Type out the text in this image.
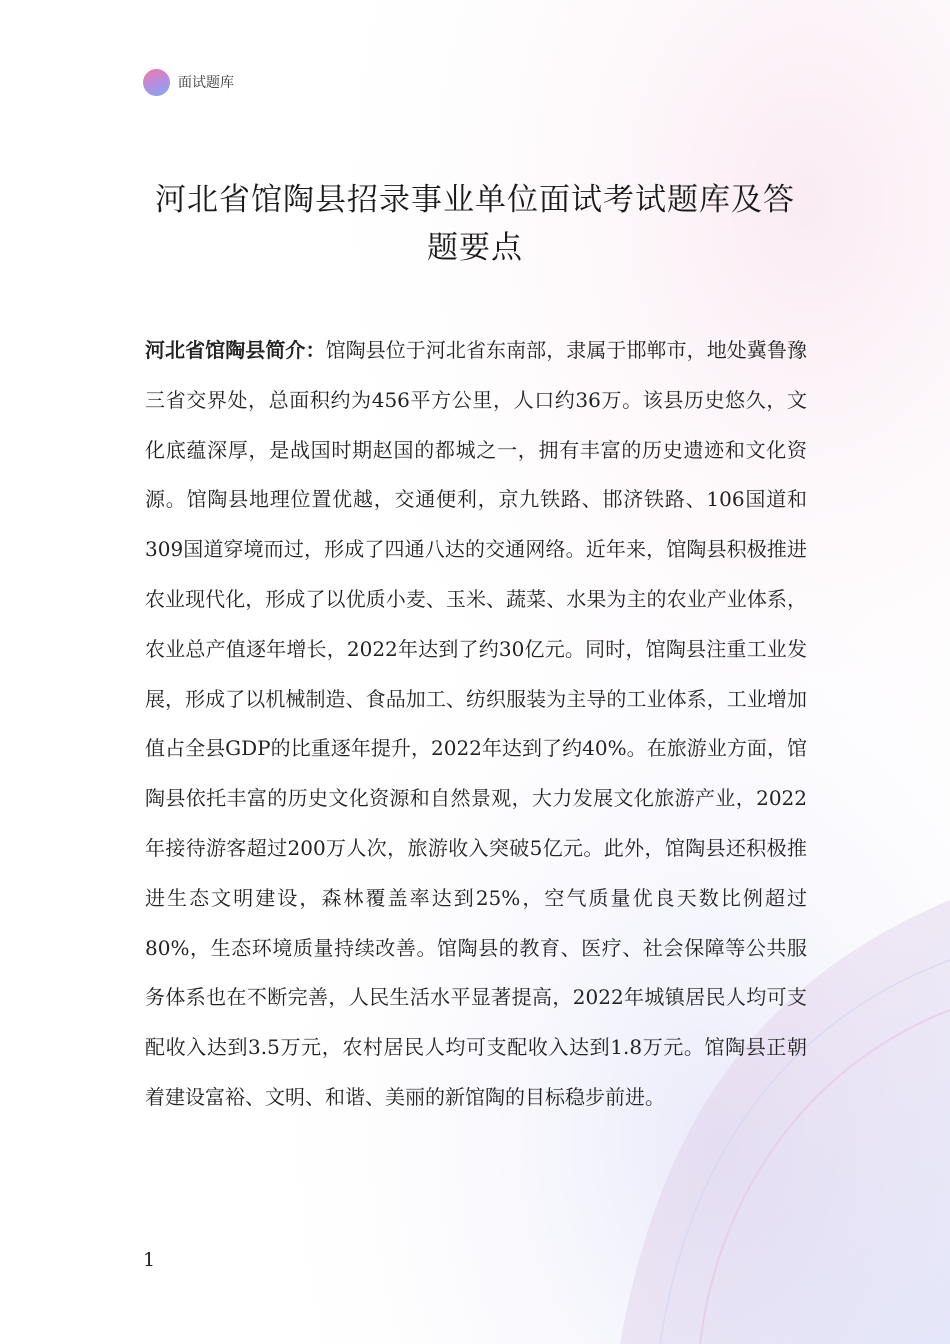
面试题库
河北省馆陶县招录事业单位面试考试题库及答题要点

河北省馆陶县简介：馆陶县位于河北省东南部，隶属于邯郸市，地处冀鲁豫三省交界处，总面积约为456平方公里，人口约36万。该县历史悠久，文化底蕴深厚，是战国时期赵国的都城之一，拥有丰富的历史遗迹和文化资源。馆陶县地理位置优越，交通便利，京九铁路、邯济铁路、106国道和309国道穿境而过，形成了四通八达的交通网络。近年来，馆陶县积极推进农业现代化，形成了以优质小麦、玉米、蔬菜、水果为主的农业产业体系，农业总产值逐年增长，2022年达到了约30亿元。同时，馆陶县注重工业发展，形成了以机械制造、食品加工、纺织服装为主导的工业体系，工业增加值占全县GDP的比重逐年提升，2022年达到了约40%。在旅游业方面，馆陶县依托丰富的历史文化资源和自然景观，大力发展文化旅游产业，2022年接待游客超过200万人次，旅游收入突破5亿元。此外，馆陶县还积极推进生态文明建设，森林覆盖率达到25%，空气质量优良天数比例超过80%，生态环境质量持续改善。馆陶县的教育、医疗、社会保障等公共服务体系也在不断完善，人民生活水平显著提高，2022年城镇居民人均可支配收入达到3.5万元，农村居民人均可支配收入达到1.8万元。馆陶县正朝着建设富裕、文明、和谐、美丽的新馆陶的目标稳步前进。

1
